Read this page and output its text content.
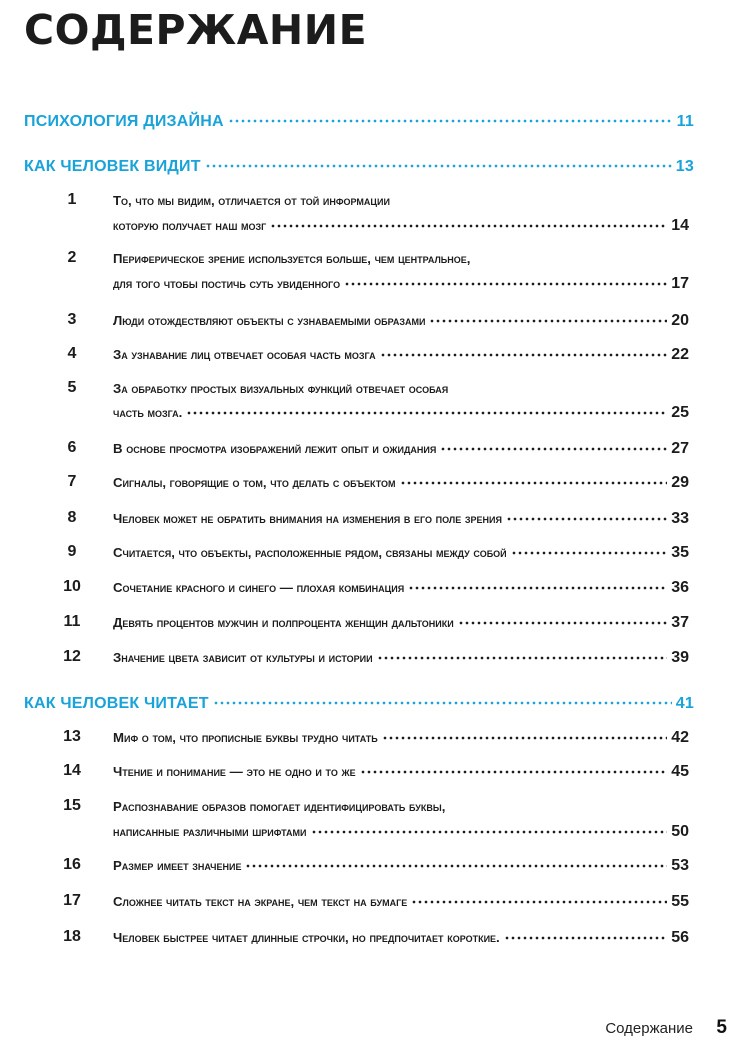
СОДЕРЖАНИЕ
ПСИХОЛОГИЯ ДИЗАЙНА	11
КАК ЧЕЛОВЕК ВИДИТ	13
1	То, что мы видим, отличается от той информации
которую получает наш мозг	14
2	Периферическое зрение используется больше, чем центральное,
для того чтобы постичь суть увиденного	17
3	Люди отождествляют объекты с узнаваемыми образами	20
4	За узнавание лиц отвечает особая часть мозга	22
5	За обработку простых визуальных функций отвечает особая
часть мозга.	25
6	В основе просмотра изображений лежит опыт и ожидания	27
7	Сигналы, говорящие о том, что делать с объектом	29
8	Человек может не обратить внимания на изменения в его поле зрения	33
9	Считается, что объекты, расположенные рядом, связаны между собой	35
10	Сочетание красного и синего — плохая комбинация	36
11	Девять процентов мужчин и полпроцента женщин дальтоники	37
12	Значение цвета зависит от культуры и истории	39
КАК ЧЕЛОВЕК ЧИТАЕТ	41
13	Миф о том, что прописные буквы трудно читать	42
14	Чтение и понимание — это не одно и то же	45
15	Распознавание образов помогает идентифицировать буквы,
написанные различными шрифтами	50
16	Размер имеет значение	53
17	Сложнее читать текст на экране, чем текст на бумаге	55
18	Человек быстрее читает длинные строчки, но предпочитает короткие.	56
Содержание 5
